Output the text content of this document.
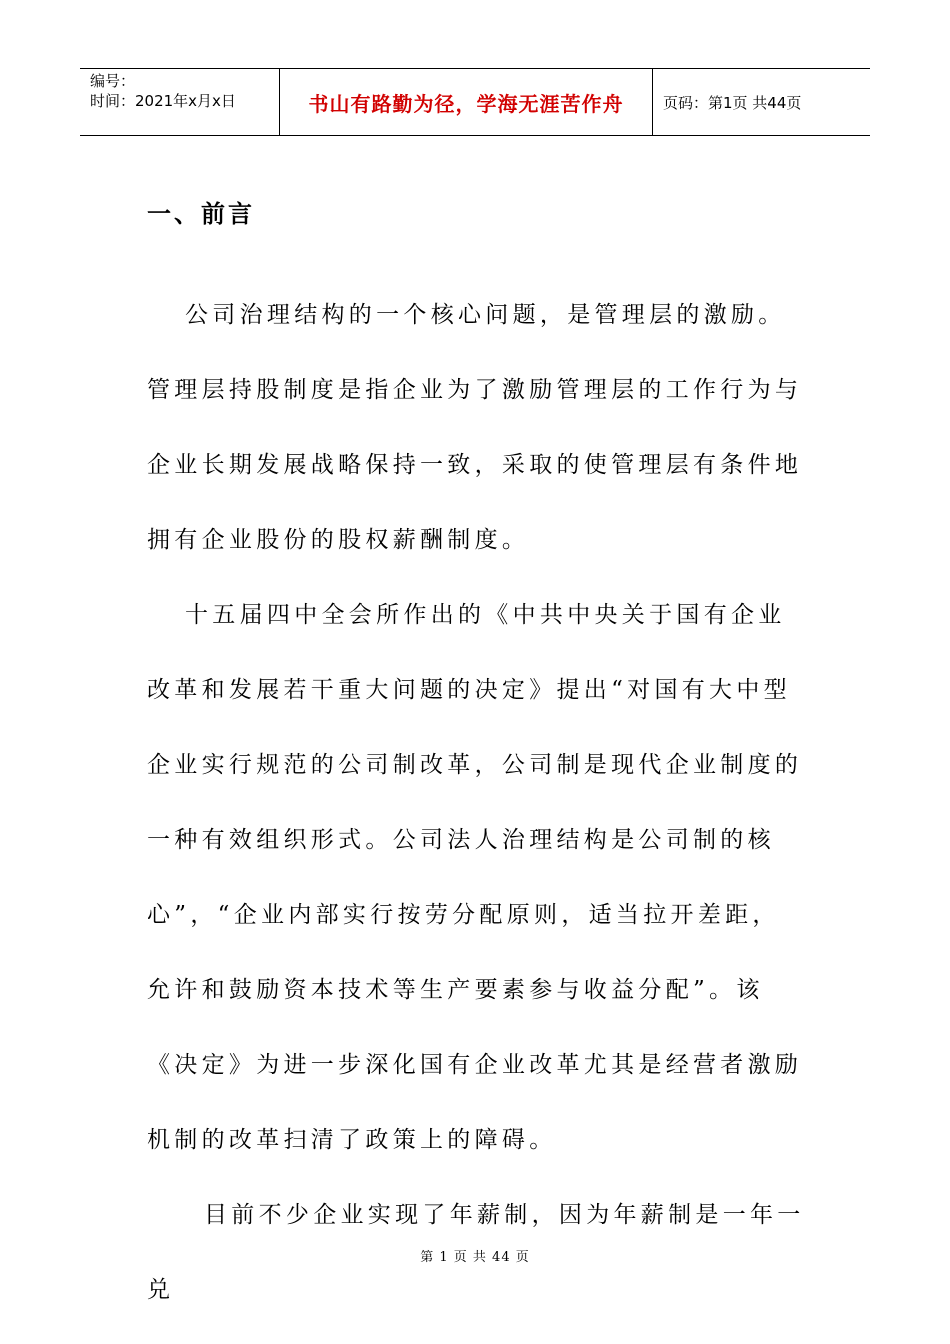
编号：
时间：2021年x月x日	书山有路勤为径，学海无涯苦作舟	页码：第1页 共44页
一、前言

公司治理结构的一个核心问题，是管理层的激励。管理层持股制度是指企业为了激励管理层的工作行为与企业长期发展战略保持一致，采取的使管理层有条件地拥有企业股份的股权薪酬制度。

十五届四中全会所作出的《中共中央关于国有企业改革和发展若干重大问题的决定》提出“对国有大中型企业实行规范的公司制改革，公司制是现代企业制度的一种有效组织形式。公司法人治理结构是公司制的核心”，“企业内部实行按劳分配原则，适当拉开差距，允许和鼓励资本技术等生产要素参与收益分配”。该《决定》为进一步深化国有企业改革尤其是经营者激励机制的改革扫清了政策上的障碍。

目前不少企业实现了年薪制，因为年薪制是一年一兑

第 1 页 共 44 页
